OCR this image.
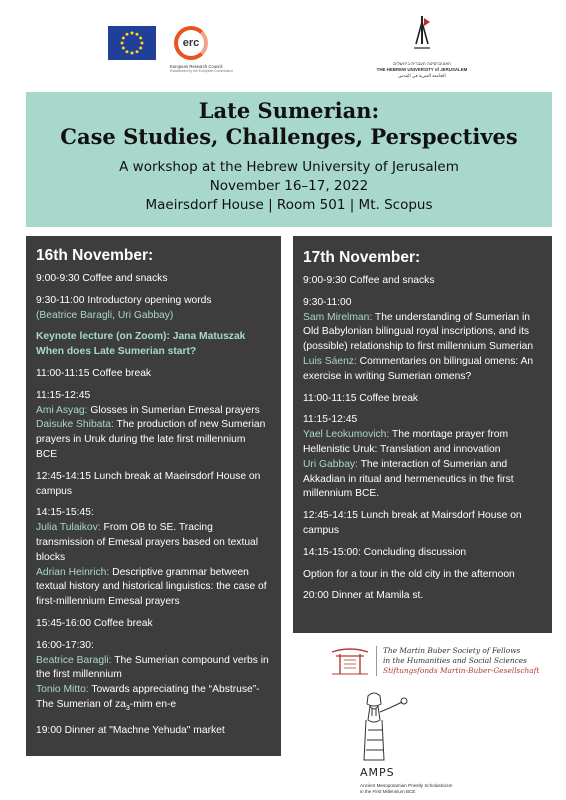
erc
European Research Council
Established by the European Commission
האוניברסיטה העברית בירושלים
THE HEBREW UNIVERSITY of JERUSALEM
الجامعة العبرية في القدس
Late Sumerian:
Case Studies, Challenges, Perspectives
A workshop at the Hebrew University of Jerusalem
November 16–17, 2022
Maeirsdorf House | Room 501 | Mt. Scopus
16th November:
9:00-9:30 Coffee and snacks

9:30-11:00 Introductory opening words

(Beatrice Baragli, Uri Gabbay)

Keynote lecture (on Zoom): Jana Matuszak

When does Late Sumerian start?

11:00-11:15 Coffee break

11:15-12:45

Ami Asyag: Glosses in Sumerian Emesal prayers

Daisuke Shibata: The production of new Sumerian prayers in Uruk during the late first millennium BCE

12:45-14:15 Lunch break at Maeirsdorf House on campus

14:15-15:45:

Julia Tulaikov: From OB to SE. Tracing transmission of Emesal prayers based on textual blocks

Adrian Heinrich: Descriptive grammar between textual history and historical linguistics: the case of first-millennium Emesal prayers

15:45-16:00 Coffee break

16:00-17:30:

Beatrice Baragli: The Sumerian compound verbs in the first millennium

Tonio Mitto: Towards appreciating the “Abstruse”- The Sumerian of $za_3$-mim en-e

19:00 Dinner at "Machne Yehuda" market
17th November:
9:00-9:30 Coffee and snacks

9:30-11:00

Sam Mirelman: The understanding of Sumerian in Old Babylonian bilingual royal inscriptions, and its (possible) relationship to first millennium Sumerian

Luis Sáenz: Commentaries on bilingual omens: An exercise in writing Sumerian omens?

11:00-11:15 Coffee break

11:15-12:45

Yael Leokumovich: The montage prayer from Hellenistic Uruk: Translation and innovation

Uri Gabbay: The interaction of Sumerian and Akkadian in ritual and hermeneutics in the first millennium BCE.

12:45-14:15 Lunch break at Mairsdorf House on campus
14:15-15:00: Concluding discussion
Option for a tour in the old city in the afternoon
20:00 Dinner at Mamila st.
The Martin Buber Society of Fellows
in the Humanities and Social Sciences
Stiftungsfonds Martin-Buber-Gesellschaft
AMPS
Ancient Mesopotamian Priestly Scholasticism
in the First Millennium BCE
